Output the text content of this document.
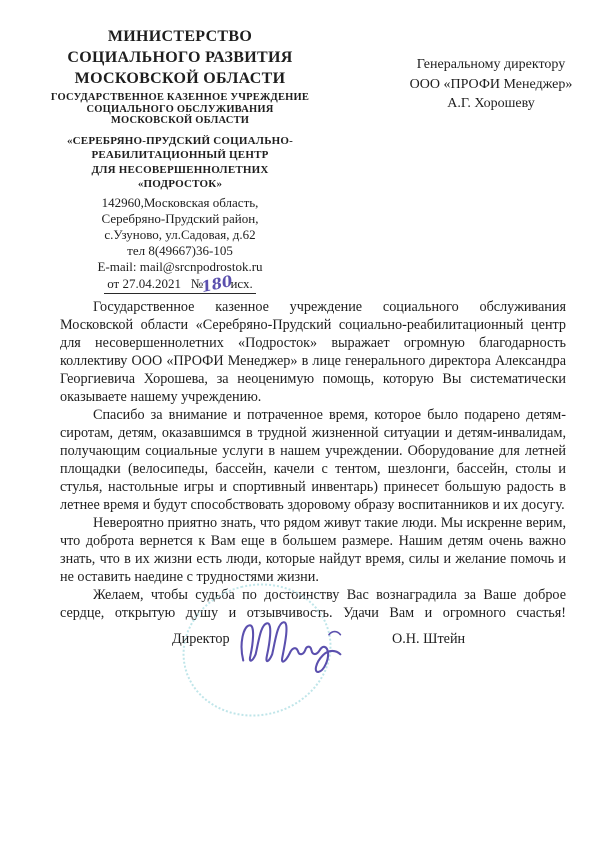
МИНИСТЕРСТВО
СОЦИАЛЬНОГО РАЗВИТИЯ
МОСКОВСКОЙ ОБЛАСТИ
ГОСУДАРСТВЕННОЕ КАЗЕННОЕ УЧРЕЖДЕНИЕ
СОЦИАЛЬНОГО ОБСЛУЖИВАНИЯ
МОСКОВСКОЙ ОБЛАСТИ
«СЕРЕБРЯНО-ПРУДСКИЙ СОЦИАЛЬНО-
РЕАБИЛИТАЦИОННЫЙ ЦЕНТР
ДЛЯ НЕСОВЕРШЕННОЛЕТНИХ
«ПОДРОСТОК»
142960,Московская область,
Серебряно-Прудский район,
с.Узуново, ул.Садовая, д.62
тел 8(49667)36-105
E-mail: mail@srcnpodrostok.ru
от 27.04.2021   №180исх.
Генеральному директору
ООО «ПРОФИ Менеджер»
А.Г. Хорошеву

Государственное казенное учреждение социального обслуживания Московской области «Серебряно-Прудский социально-реабилитационный центр для несовершеннолетних «Подросток» выражает огромную благодарность коллективу ООО «ПРОФИ Менеджер» в лице генерального директора Александра Георгиевича Хорошева, за неоценимую помощь, которую Вы систематически оказываете нашему учреждению.

Спасибо за внимание и потраченное время, которое было подарено детям-сиротам, детям, оказавшимся в трудной жизненной ситуации и детям-инвалидам, получающим социальные услуги в нашем учреждении. Оборудование для летней площадки (велосипеды, бассейн, качели с тентом, шезлонги, бассейн, столы и стулья, настольные игры и спортивный инвентарь) принесет большую радость в летнее время и будут способствовать здоровому образу воспитанников и их досугу.

Невероятно приятно знать, что рядом живут такие люди. Мы искренне верим, что доброта вернется к Вам еще в большем размере. Нашим детям очень важно знать, что в их жизни есть люди, которые найдут время, силы и желание помочь и не оставить наедине с трудностями жизни.

Желаем, чтобы судьба по достоинству Вас вознаградила за Ваше доброе сердце, открытую душу и отзывчивость. Удачи Вам и огромного счастья!

Директор	О.Н. Штейн
